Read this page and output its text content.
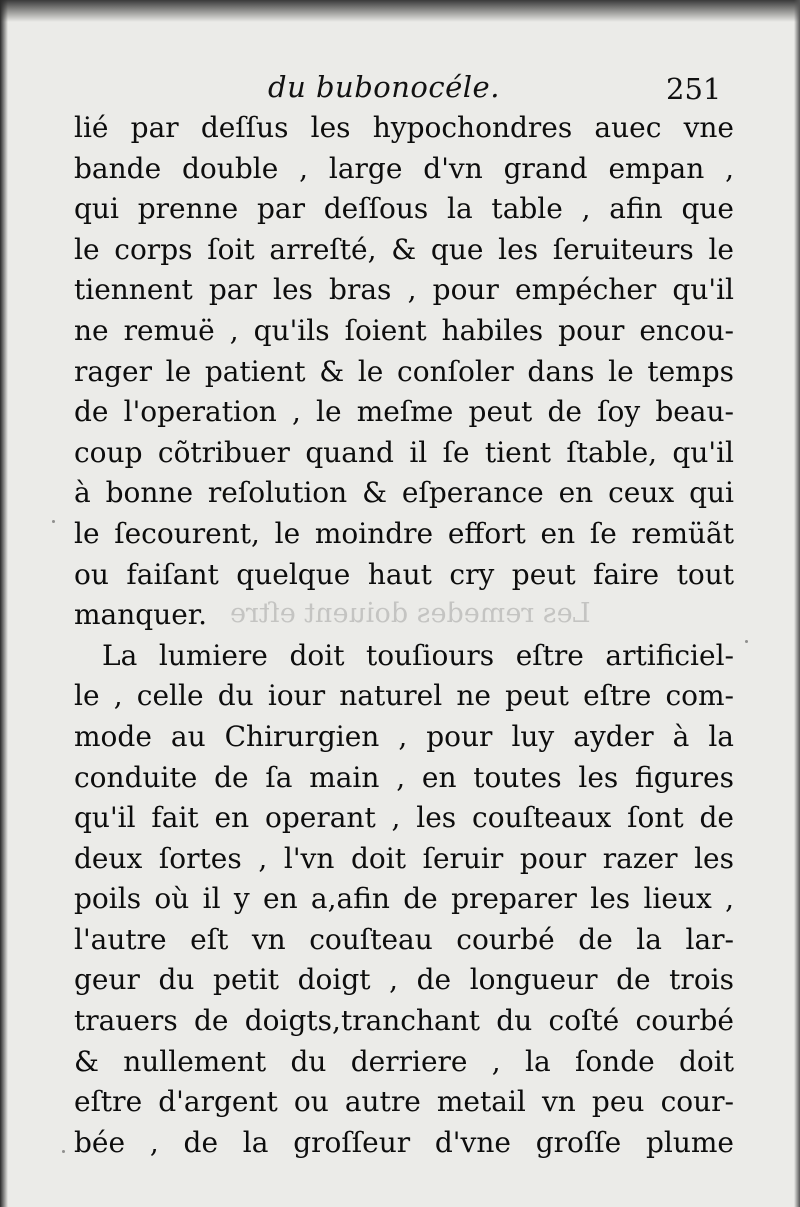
du bubonocéle.	251
Les remedes doiuent eſtre
lié par deſſus les hypochondres auec vne
bande double , large d'vn grand empan ,
qui prenne par deſſous la table , afin que
le corps ſoit arreſté, & que les ſeruiteurs le
tiennent par les bras , pour empécher qu'il
ne remuë , qu'ils ſoient habiles pour encou-
rager le patient & le conſoler dans le temps
de l'operation , le meſme peut de ſoy beau-
coup cõtribuer quand il ſe tient ſtable, qu'il
à bonne reſolution & eſperance en ceux qui
le ſecourent, le moindre effort en ſe remüãt
ou faiſant quelque haut cry peut faire tout
manquer.
La lumiere doit touſiours eſtre artificiel-
le , celle du iour naturel ne peut eſtre com-
mode au Chirurgien , pour luy ayder à la
conduite de ſa main , en toutes les figures
qu'il fait en operant , les couſteaux ſont de
deux ſortes , l'vn doit ſeruir pour razer les
poils où il y en a,afin de preparer les lieux ,
l'autre eſt vn couſteau courbé de la lar-
geur du petit doigt , de longueur de trois
trauers de doigts,tranchant du coſté courbé
& nullement du derriere , la ſonde doit
eſtre d'argent ou autre metail vn peu cour-
bée , de la groſſeur d'vne groſſe plume
